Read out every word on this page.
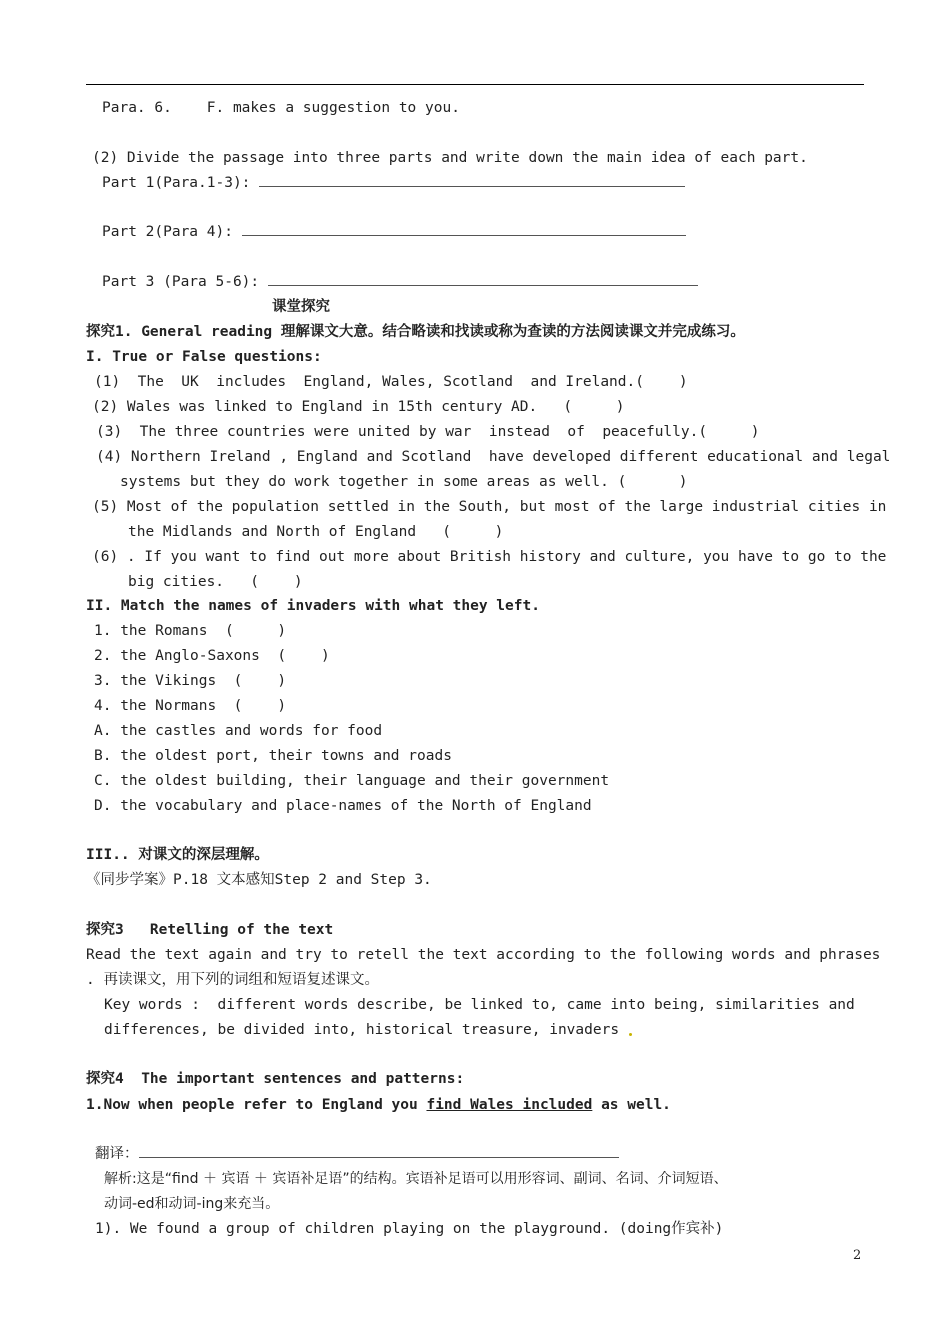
Para. 6. F. makes a suggestion to you.
(2) Divide the passage into three parts and write down the main idea of each part.
Part 1(Para.1-3):
Part 2(Para 4):
Part 3 (Para 5-6):
课堂探究
探究1. General reading 理解课文大意。结合略读和找读或称为查读的方法阅读课文并完成练习。
I. True or False questions:
(1)  The  UK  includes  England, Wales, Scotland  and Ireland.(    )
(2) Wales was linked to England in 15th century AD.   (     )
(3)  The three countries were united by war  instead  of  peacefully.(     )
(4) Northern Ireland , England and Scotland  have developed different educational and legal
systems but they do work together in some areas as well. (      )
(5) Most of the population settled in the South, but most of the large industrial cities in
the Midlands and North of England   (     )
(6) . If you want to find out more about British history and culture, you have to go to the
big cities.   (    )
II. Match the names of invaders with what they left.
1. the Romans  (     )
2. the Anglo-Saxons  (    )
3. the Vikings  (    )
4. the Normans  (    )
A. the castles and words for food
B. the oldest port, their towns and roads
C. the oldest building, their language and their government
D. the vocabulary and place-names of the North of England
III.. 对课文的深层理解。
《同步学案》P.18 文本感知Step 2 and Step 3.
探究3   Retelling of the text
Read the text again and try to retell the text according to the following words and phrases
. 再读课文，用下列的词组和短语复述课文。
Key words :  different words describe, be linked to, came into being, similarities and
differences, be divided into, historical treasure, invaders
探究4  The important sentences and patterns:
1.Now when people refer to England you find Wales included as well.
翻译：
解析:这是“find ＋ 宾语 ＋ 宾语补足语”的结构。宾语补足语可以用形容词、副词、名词、介词短语、
动词-ed和动词-ing来充当。
1). We found a group of children playing on the playground. (doing作宾补)
2
